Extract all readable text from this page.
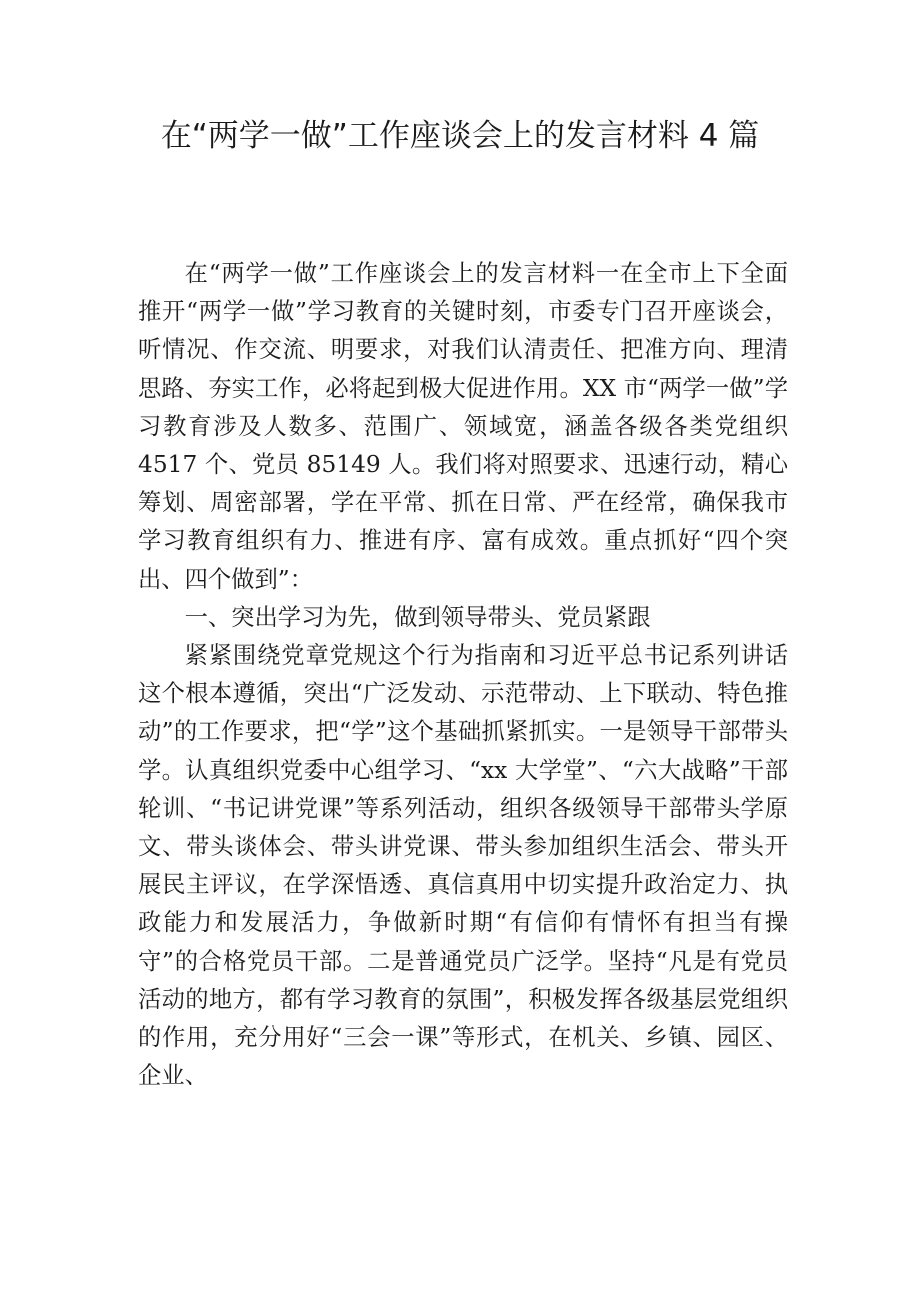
在“两学一做”工作座谈会上的发言材料 4 篇

在“两学一做”工作座谈会上的发言材料一在全市上下全面推开“两学一做”学习教育的关键时刻，市委专门召开座谈会，听情况、作交流、明要求，对我们认清责任、把准方向、理清思路、夯实工作，必将起到极大促进作用。XX 市“两学一做”学习教育涉及人数多、范围广、领域宽，涵盖各级各类党组织 4517 个、党员 85149 人。我们将对照要求、迅速行动，精心筹划、周密部署，学在平常、抓在日常、严在经常，确保我市学习教育组织有力、推进有序、富有成效。重点抓好“四个突出、四个做到”：

一、突出学习为先，做到领导带头、党员紧跟

紧紧围绕党章党规这个行为指南和习近平总书记系列讲话这个根本遵循，突出“广泛发动、示范带动、上下联动、特色推动”的工作要求，把“学”这个基础抓紧抓实。一是领导干部带头学。认真组织党委中心组学习、“xx 大学堂”、“六大战略”干部轮训、“书记讲党课”等系列活动，组织各级领导干部带头学原文、带头谈体会、带头讲党课、带头参加组织生活会、带头开展民主评议，在学深悟透、真信真用中切实提升政治定力、执政能力和发展活力，争做新时期“有信仰有情怀有担当有操守”的合格党员干部。二是普通党员广泛学。坚持“凡是有党员活动的地方，都有学习教育的氛围”，积极发挥各级基层党组织的作用，充分用好“三会一课”等形式，在机关、乡镇、园区、企业、
